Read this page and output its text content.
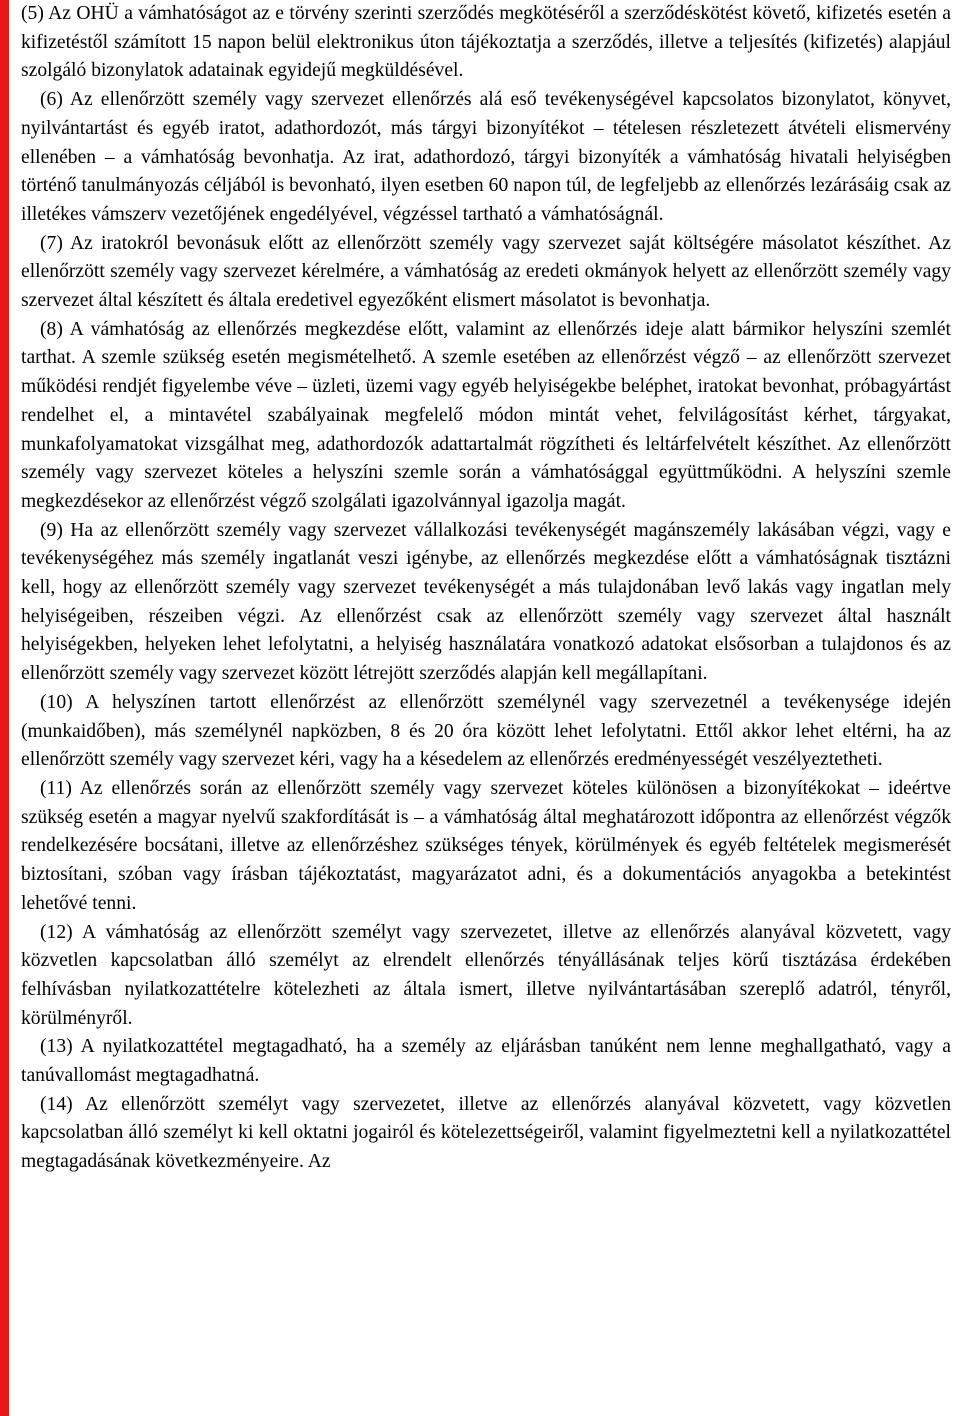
(5) Az OHÜ a vámhatóságot az e törvény szerinti szerződés megkötéséről a szerződéskötést követő, kifizetés esetén a kifizetéstől számított 15 napon belül elektronikus úton tájékoztatja a szerződés, illetve a teljesítés (kifizetés) alapjául szolgáló bizonylatok adatainak egyidejű megküldésével.

(6) Az ellenőrzött személy vagy szervezet ellenőrzés alá eső tevékenységével kapcsolatos bizonylatot, könyvet, nyilvántartást és egyéb iratot, adathordozót, más tárgyi bizonyítékot – tételesen részletezett átvételi elismervény ellenében – a vámhatóság bevonhatja. Az irat, adathordozó, tárgyi bizonyíték a vámhatóság hivatali helyiségben történő tanulmányozás céljából is bevonható, ilyen esetben 60 napon túl, de legfeljebb az ellenőrzés lezárásáig csak az illetékes vámszerv vezetőjének engedélyével, végzéssel tartható a vámhatóságnál.

(7) Az iratokról bevonásuk előtt az ellenőrzött személy vagy szervezet saját költségére másolatot készíthet. Az ellenőrzött személy vagy szervezet kérelmére, a vámhatóság az eredeti okmányok helyett az ellenőrzött személy vagy szervezet által készített és általa eredetivel egyezőként elismert másolatot is bevonhatja.

(8) A vámhatóság az ellenőrzés megkezdése előtt, valamint az ellenőrzés ideje alatt bármikor helyszíni szemlét tarthat. A szemle szükség esetén megismételhető. A szemle esetében az ellenőrzést végző – az ellenőrzött szervezet működési rendjét figyelembe véve – üzleti, üzemi vagy egyéb helyiségekbe beléphet, iratokat bevonhat, próbagyártást rendelhet el, a mintavétel szabályainak megfelelő módon mintát vehet, felvilágosítást kérhet, tárgyakat, munkafolyamatokat vizsgálhat meg, adathordozók adattartalmát rögzítheti és leltárfelvételt készíthet. Az ellenőrzött személy vagy szervezet köteles a helyszíni szemle során a vámhatósággal együttműködni. A helyszíni szemle megkezdésekor az ellenőrzést végző szolgálati igazolvánnyal igazolja magát.

(9) Ha az ellenőrzött személy vagy szervezet vállalkozási tevékenységét magánszemély lakásában végzi, vagy e tevékenységéhez más személy ingatlanát veszi igénybe, az ellenőrzés megkezdése előtt a vámhatóságnak tisztázni kell, hogy az ellenőrzött személy vagy szervezet tevékenységét a más tulajdonában levő lakás vagy ingatlan mely helyiségeiben, részeiben végzi. Az ellenőrzést csak az ellenőrzött személy vagy szervezet által használt helyiségekben, helyeken lehet lefolytatni, a helyiség használatára vonatkozó adatokat elsősorban a tulajdonos és az ellenőrzött személy vagy szervezet között létrejött szerződés alapján kell megállapítani.

(10) A helyszínen tartott ellenőrzést az ellenőrzött személynél vagy szervezetnél a tevékenysége idején (munkaidőben), más személynél napközben, 8 és 20 óra között lehet lefolytatni. Ettől akkor lehet eltérni, ha az ellenőrzött személy vagy szervezet kéri, vagy ha a késedelem az ellenőrzés eredményességét veszélyeztetheti.

(11) Az ellenőrzés során az ellenőrzött személy vagy szervezet köteles különösen a bizonyítékokat – ideértve szükség esetén a magyar nyelvű szakfordítását is – a vámhatóság által meghatározott időpontra az ellenőrzést végzők rendelkezésére bocsátani, illetve az ellenőrzéshez szükséges tények, körülmények és egyéb feltételek megismerését biztosítani, szóban vagy írásban tájékoztatást, magyarázatot adni, és a dokumentációs anyagokba a betekintést lehetővé tenni.

(12) A vámhatóság az ellenőrzött személyt vagy szervezetet, illetve az ellenőrzés alanyával közvetett, vagy közvetlen kapcsolatban álló személyt az elrendelt ellenőrzés tényállásának teljes körű tisztázása érdekében felhívásban nyilatkozattételre kötelezheti az általa ismert, illetve nyilvántartásában szereplő adatról, tényről, körülményről.

(13) A nyilatkozattétel megtagadható, ha a személy az eljárásban tanúként nem lenne meghallgatható, vagy a tanúvallomást megtagadhatná.

(14) Az ellenőrzött személyt vagy szervezetet, illetve az ellenőrzés alanyával közvetett, vagy közvetlen kapcsolatban álló személyt ki kell oktatni jogairól és kötelezettségeiről, valamint figyelmeztetni kell a nyilatkozattétel megtagadásának következményeire. Az
